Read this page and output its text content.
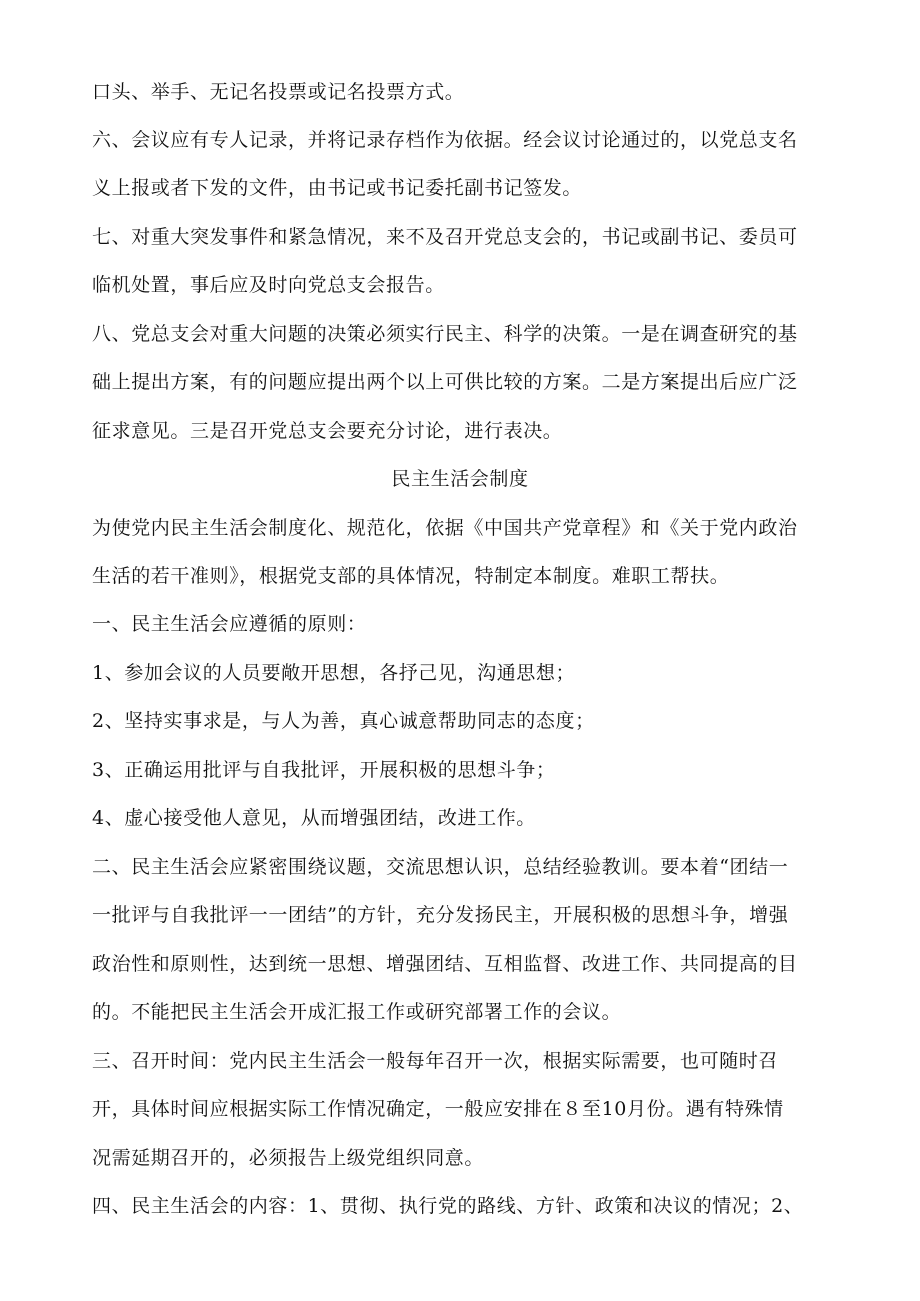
口头、举手、无记名投票或记名投票方式。
六、会议应有专人记录，并将记录存档作为依据。经会议讨论通过的，以党总支名
义上报或者下发的文件，由书记或书记委托副书记签发。
七、对重大突发事件和紧急情况，来不及召开党总支会的，书记或副书记、委员可
临机处置，事后应及时向党总支会报告。
八、党总支会对重大问题的决策必须实行民主、科学的决策。一是在调查研究的基
础上提出方案，有的问题应提出两个以上可供比较的方案。二是方案提出后应广泛
征求意见。三是召开党总支会要充分讨论，进行表决。
民主生活会制度
为使党内民主生活会制度化、规范化，依据《中国共产党章程》和《关于党内政治
生活的若干准则》，根据党支部的具体情况，特制定本制度。难职工帮扶。
一、民主生活会应遵循的原则：
1、参加会议的人员要敞开思想，各抒己见，沟通思想；
2、坚持实事求是，与人为善，真心诚意帮助同志的态度；
3、正确运用批评与自我批评，开展积极的思想斗争；
4、虚心接受他人意见，从而增强团结，改进工作。
二、民主生活会应紧密围绕议题，交流思想认识，总结经验教训。要本着“团结一
一批评与自我批评一一团结”的方针，充分发扬民主，开展积极的思想斗争，增强
政治性和原则性，达到统一思想、增强团结、互相监督、改进工作、共同提高的目
的。不能把民主生活会开成汇报工作或研究部署工作的会议。
三、召开时间：党内民主生活会一般每年召开一次，根据实际需要，也可随时召
开，具体时间应根据实际工作情况确定，一般应安排在８至10月份。遇有特殊情
况需延期召开的，必须报告上级党组织同意。
四、民主生活会的内容：1、贯彻、执行党的路线、方针、政策和决议的情况；2、
